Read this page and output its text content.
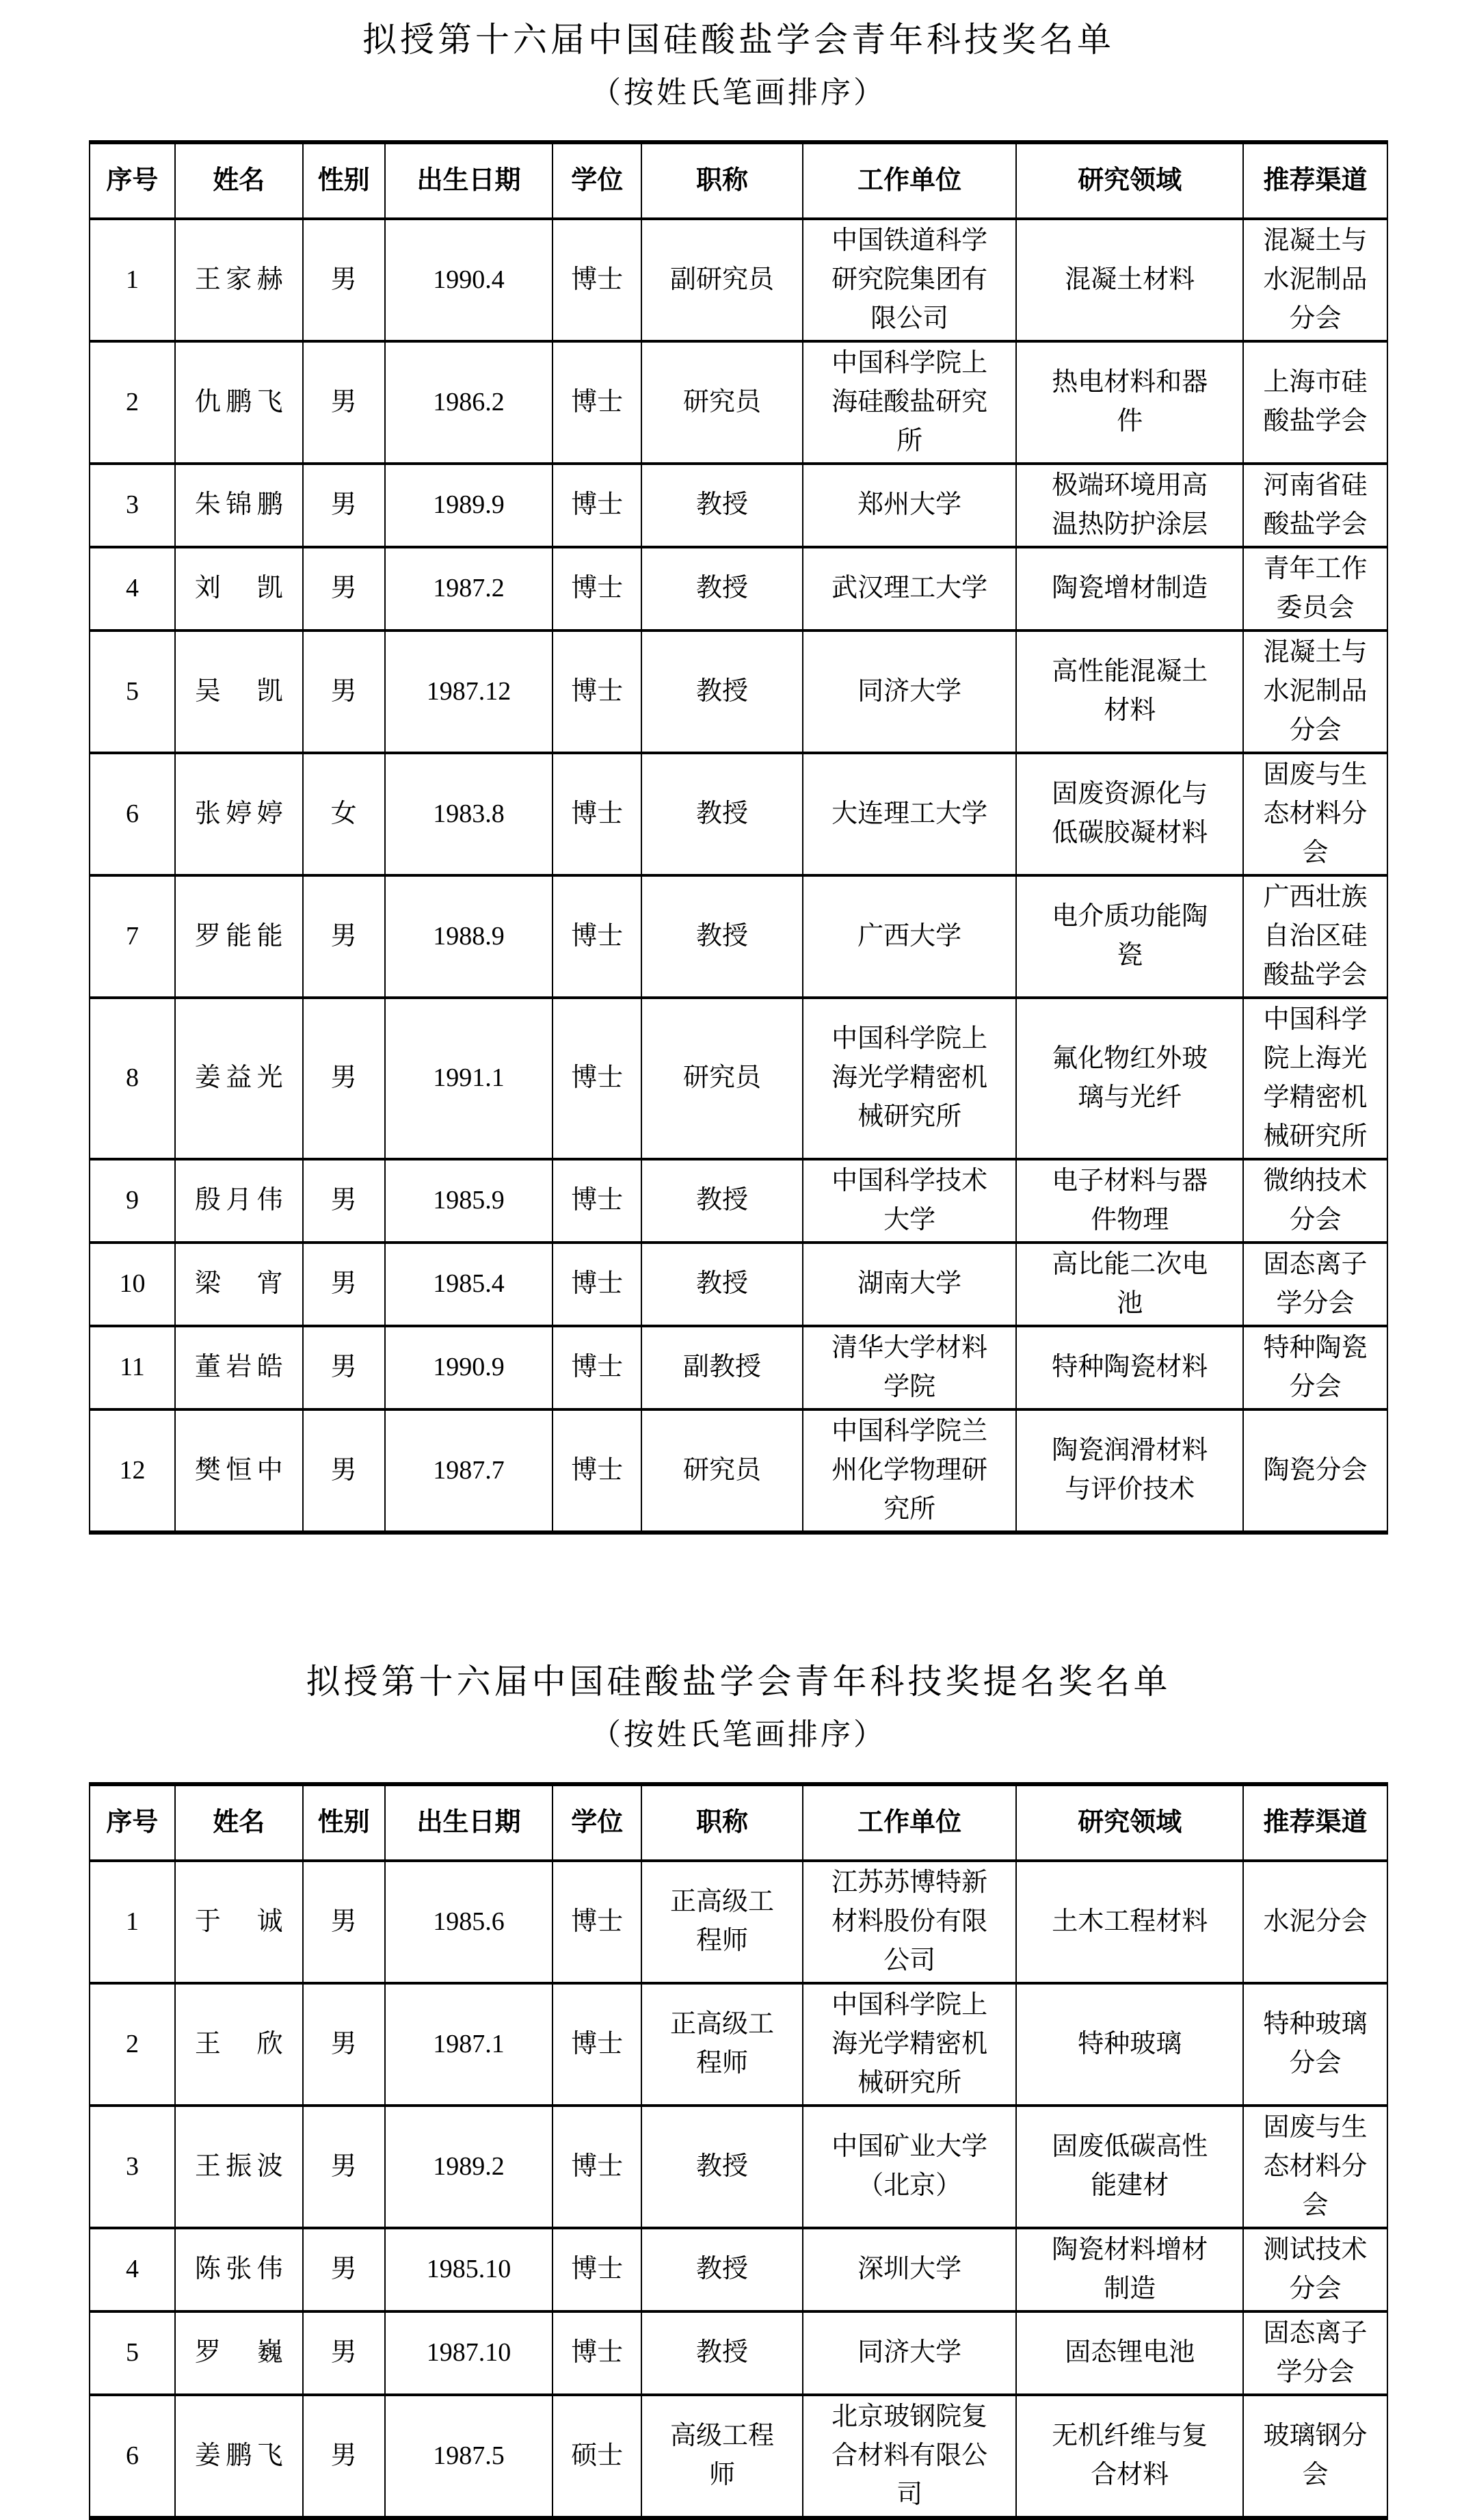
拟授第十六届中国硅酸盐学会青年科技奖名单
（按姓氏笔画排序）
序号	姓名	性别	出生日期	学位	职称	工作单位	研究领域	推荐渠道
1	王家赫	男	1990.4	博士	副研究员	中国铁道科学研究院集团有限公司	混凝土材料	混凝土与水泥制品分会
2	仇鹏飞	男	1986.2	博士	研究员	中国科学院上海硅酸盐研究所	热电材料和器件	上海市硅酸盐学会
3	朱锦鹏	男	1989.9	博士	教授	郑州大学	极端环境用高温热防护涂层	河南省硅酸盐学会
4	刘凯	男	1987.2	博士	教授	武汉理工大学	陶瓷增材制造	青年工作委员会
5	吴凯	男	1987.12	博士	教授	同济大学	高性能混凝土材料	混凝土与水泥制品分会
6	张婷婷	女	1983.8	博士	教授	大连理工大学	固废资源化与低碳胶凝材料	固废与生态材料分会
7	罗能能	男	1988.9	博士	教授	广西大学	电介质功能陶瓷	广西壮族自治区硅酸盐学会
8	姜益光	男	1991.1	博士	研究员	中国科学院上海光学精密机械研究所	氟化物红外玻璃与光纤	中国科学院上海光学精密机械研究所
9	殷月伟	男	1985.9	博士	教授	中国科学技术大学	电子材料与器件物理	微纳技术分会
10	梁宵	男	1985.4	博士	教授	湖南大学	高比能二次电池	固态离子学分会
11	董岩皓	男	1990.9	博士	副教授	清华大学材料学院	特种陶瓷材料	特种陶瓷分会
12	樊恒中	男	1987.7	博士	研究员	中国科学院兰州化学物理研究所	陶瓷润滑材料与评价技术	陶瓷分会
拟授第十六届中国硅酸盐学会青年科技奖提名奖名单
（按姓氏笔画排序）
序号	姓名	性别	出生日期	学位	职称	工作单位	研究领域	推荐渠道
1	于诚	男	1985.6	博士	正高级工程师	江苏苏博特新材料股份有限公司	土木工程材料	水泥分会
2	王欣	男	1987.1	博士	正高级工程师	中国科学院上海光学精密机械研究所	特种玻璃	特种玻璃分会
3	王振波	男	1989.2	博士	教授	中国矿业大学（北京）	固废低碳高性能建材	固废与生态材料分会
4	陈张伟	男	1985.10	博士	教授	深圳大学	陶瓷材料增材制造	测试技术分会
5	罗巍	男	1987.10	博士	教授	同济大学	固态锂电池	固态离子学分会
6	姜鹏飞	男	1987.5	硕士	高级工程师	北京玻钢院复合材料有限公司	无机纤维与复合材料	玻璃钢分会
